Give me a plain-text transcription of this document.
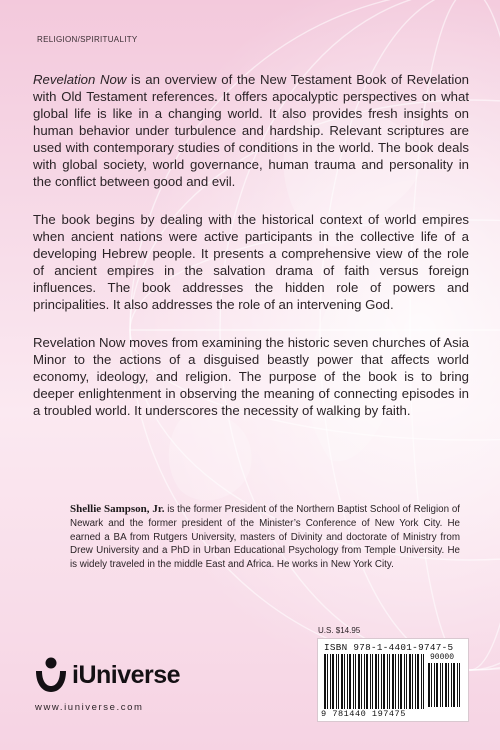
RELIGION/SPIRITUALITY

Revelation Now is an overview of the New Testament Book of Revelation with Old Testament references. It offers apocalyptic perspectives on what global life is like in a changing world. It also provides fresh insights on human behavior under turbulence and hardship. Relevant scriptures are used with contemporary studies of conditions in the world. The book deals with global society, world governance, human trauma and personality in the conflict between good and evil.

The book begins by dealing with the historical context of world empires when ancient nations were active participants in the collective life of a developing Hebrew people. It presents a comprehensive view of the role of ancient empires in the salvation drama of faith versus foreign influences. The book addresses the hidden role of powers and principalities. It also addresses the role of an intervening God.

Revelation Now moves from examining the historic seven churches of Asia Minor to the actions of a disguised beastly power that affects world economy, ideology, and religion. The purpose of the book is to bring deeper enlightenment in observing the meaning of connecting episodes in a troubled world. It underscores the necessity of walking by faith.

Shellie Sampson, Jr. is the former President of the Northern Baptist School of Religion of Newark and the former president of the Minister’s Conference of New York City. He earned a BA from Rutgers University, masters of Divinity and doctorate of Ministry from Drew University and a PhD in Urban Educational Psychology from Temple University. He is widely traveled in the middle East and Africa. He works in New York City.
U.S. $14.95
ISBN 978-1-4401-9747-5
90000
9 781440 197475
iUniverse
www.iuniverse.com
